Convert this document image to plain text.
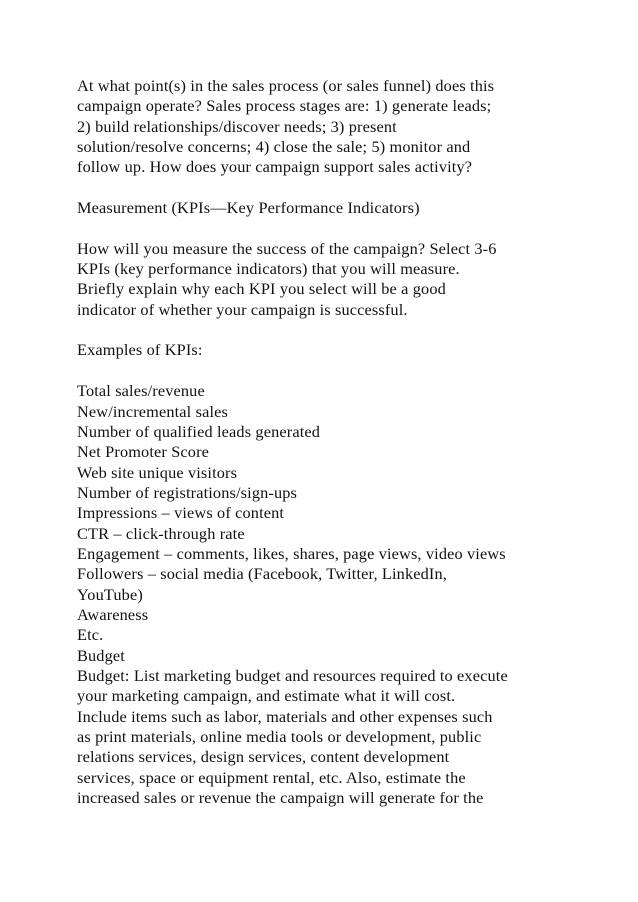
At what point(s) in the sales process (or sales funnel) does this
campaign operate? Sales process stages are: 1) generate leads;
2) build relationships/discover needs; 3) present
solution/resolve concerns; 4) close the sale; 5) monitor and
follow up. How does your campaign support sales activity?
Measurement (KPIs—Key Performance Indicators)
How will you measure the success of the campaign? Select 3-6
KPIs (key performance indicators) that you will measure.
Briefly explain why each KPI you select will be a good
indicator of whether your campaign is successful.
Examples of KPIs:
Total sales/revenue
New/incremental sales
Number of qualified leads generated
Net Promoter Score
Web site unique visitors
Number of registrations/sign-ups
Impressions – views of content
CTR – click-through rate
Engagement – comments, likes, shares, page views, video views
Followers – social media (Facebook, Twitter, LinkedIn,
YouTube)
Awareness
Etc.
Budget
Budget: List marketing budget and resources required to execute
your marketing campaign, and estimate what it will cost.
Include items such as labor, materials and other expenses such
as print materials, online media tools or development, public
relations services, design services, content development
services, space or equipment rental, etc. Also, estimate the
increased sales or revenue the campaign will generate for the
